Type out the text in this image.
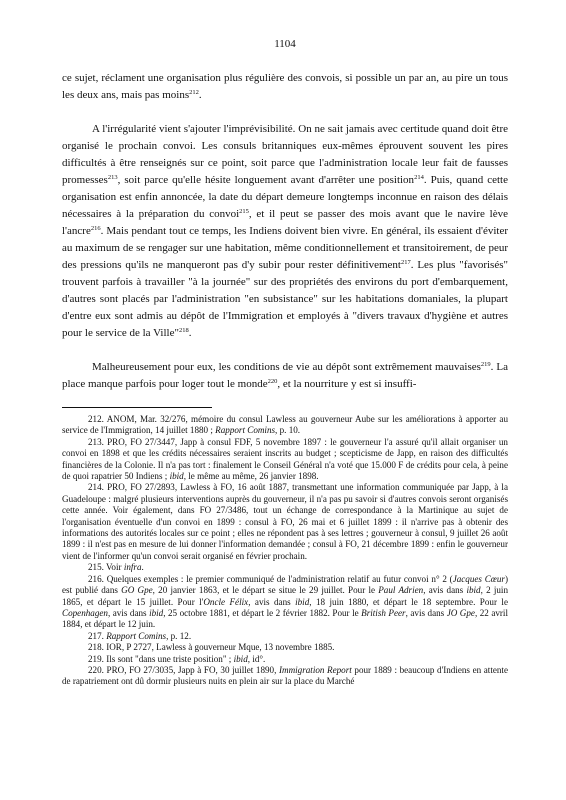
1104

ce sujet, réclament une organisation plus régulière des convois, si possible un par an, au pire un tous les deux ans, mais pas moins$^{212}$.

A l'irrégularité vient s'ajouter l'imprévisibilité. On ne sait jamais avec certitude quand doit être organisé le prochain convoi. Les consuls britanniques eux-mêmes éprouvent souvent les pires difficultés à être renseignés sur ce point, soit parce que l'administration locale leur fait de fausses promesses$^{213}$, soit parce qu'elle hésite longuement avant d'arrêter une position$^{214}$. Puis, quand cette organisation est enfin annoncée, la date du départ demeure longtemps inconnue en raison des délais nécessaires à la préparation du convoi$^{215}$, et il peut se passer des mois avant que le navire lève l'ancre$^{216}$. Mais pendant tout ce temps, les Indiens doivent bien vivre. En général, ils essaient d'éviter au maximum de se rengager sur une habitation, même conditionnellement et transitoirement, de peur des pressions qu'ils ne manqueront pas d'y subir pour rester définitivement$^{217}$. Les plus "favorisés" trouvent parfois à travailler "à la journée" sur des propriétés des environs du port d'embarquement, d'autres sont placés par l'administration "en subsistance" sur les habitations domaniales, la plupart d'entre eux sont admis au dépôt de l'Immigration et employés à "divers travaux d'hygiène et autres pour le service de la Ville"$^{218}$.

Malheureusement pour eux, les conditions de vie au dépôt sont extrêmement mauvaises$^{219}$. La place manque parfois pour loger tout le monde$^{220}$, et la nourriture y est si insuffi-

212. ANOM, Mar. 32/276, mémoire du consul Lawless au gouverneur Aube sur les améliorations à apporter au service de l'Immigration, 14 juillet 1880 ; Rapport Comins, p. 10.

213. PRO, FO 27/3447, Japp à consul FDF, 5 novembre 1897 : le gouverneur l'a assuré qu'il allait organiser un convoi en 1898 et que les crédits nécessaires seraient inscrits au budget ; scepticisme de Japp, en raison des difficultés financières de la Colonie. Il n'a pas tort : finalement le Conseil Général n'a voté que 15.000 F de crédits pour cela, à peine de quoi rapatrier 50 Indiens ; ibid, le même au même, 26 janvier 1898.

214. PRO, FO 27/2893, Lawless à FO, 16 août 1887, transmettant une information communiquée par Japp, à la Guadeloupe : malgré plusieurs interventions auprès du gouverneur, il n'a pas pu savoir si d'autres convois seront organisés cette année. Voir également, dans FO 27/3486, tout un échange de correspondance à la Martinique au sujet de l'organisation éventuelle d'un convoi en 1899 : consul à FO, 26 mai et 6 juillet 1899 : il n'arrive pas à obtenir des informations des autorités locales sur ce point ; elles ne répondent pas à ses lettres ; gouverneur à consul, 9 juillet 26 août 1899 : il n'est pas en mesure de lui donner l'information demandée ; consul à FO, 21 décembre 1899 : enfin le gouverneur vient de l'informer qu'un convoi serait organisé en février prochain.

215. Voir infra.

216. Quelques exemples : le premier communiqué de l'administration relatif au futur convoi n° 2 (Jacques Cœur) est publié dans GO Gpe, 20 janvier 1863, et le départ se situe le 29 juillet. Pour le Paul Adrien, avis dans ibid, 2 juin 1865, et départ le 15 juillet. Pour l'Oncle Félix, avis dans ibid, 18 juin 1880, et départ le 18 septembre. Pour le Copenhagen, avis dans ibid, 25 octobre 1881, et départ le 2 février 1882. Pour le British Peer, avis dans JO Gpe, 22 avril 1884, et départ le 12 juin.

217. Rapport Comins, p. 12.

218. IOR, P 2727, Lawless à gouverneur Mque, 13 novembre 1885.

219. Ils sont "dans une triste position" ; ibid, id°.

220. PRO, FO 27/3035, Japp à FO, 30 juillet 1890, Immigration Report pour 1889 : beaucoup d'Indiens en attente de rapatriement ont dû dormir plusieurs nuits en plein air sur la place du Marché
